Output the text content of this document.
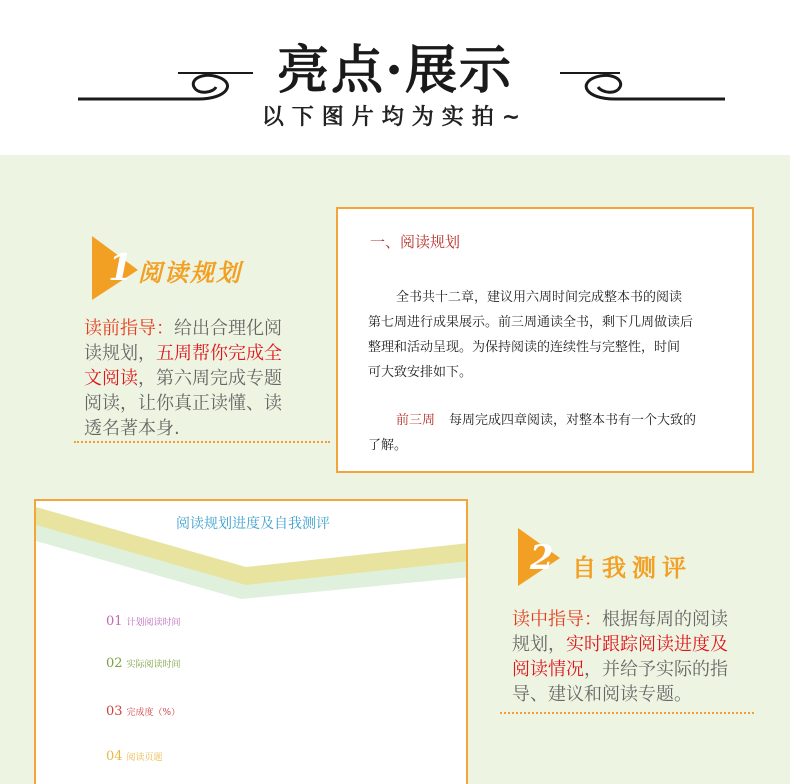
亮点·展示
以下图片均为实拍~
1 阅读规划
读前指导：给出合理化阅
读规划，五周帮你完成全
文阅读，第六周完成专题
阅读，让你真正读懂、读
透名著本身.
一、阅读规划

全书共十二章，建议用六周时间完成整本书的阅读

第七周进行成果展示。前三周通读全书，剩下几周做读后

整理和活动呈现。为保持阅读的连续性与完整性，时间

可大致安排如下。

前三周 每周完成四章阅读，对整本书有一个大致的

了解。

阅读规划进度及自我测评
01 计划阅读时间
02 实际阅读时间
03 完成度（%）
04 阅读页题
2 自我测评
读中指导：根据每周的阅读
规划，实时跟踪阅读进度及
阅读情况，并给予实际的指
导、建议和阅读专题。
